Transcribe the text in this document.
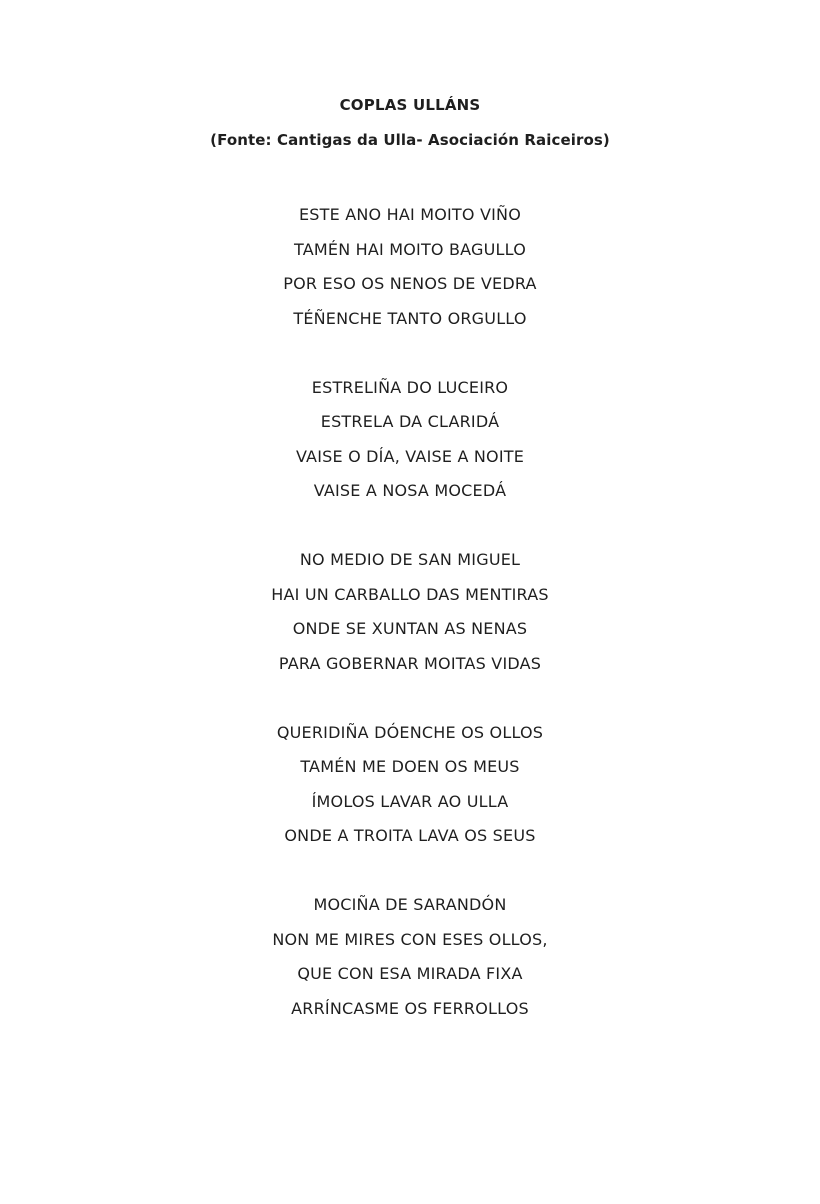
COPLAS ULLÁNS
(Fonte: Cantigas da Ulla- Asociación Raiceiros)
ESTE ANO HAI MOITO VIÑO
TAMÉN HAI MOITO BAGULLO
POR ESO OS NENOS DE VEDRA
TÉÑENCHE TANTO ORGULLO
ESTRELIÑA DO LUCEIRO
ESTRELA DA CLARIDÁ
VAISE O DÍA, VAISE A NOITE
VAISE A NOSA MOCEDÁ
NO MEDIO DE SAN MIGUEL
HAI UN CARBALLO DAS MENTIRAS
ONDE SE XUNTAN AS NENAS
PARA GOBERNAR MOITAS VIDAS
QUERIDIÑA DÓENCHE OS OLLOS
TAMÉN ME DOEN OS MEUS
ÍMOLOS LAVAR AO ULLA
ONDE A TROITA LAVA OS SEUS
MOCIÑA DE SARANDÓN
NON ME MIRES CON ESES OLLOS,
QUE CON ESA MIRADA FIXA
ARRÍNCASME OS FERROLLOS
